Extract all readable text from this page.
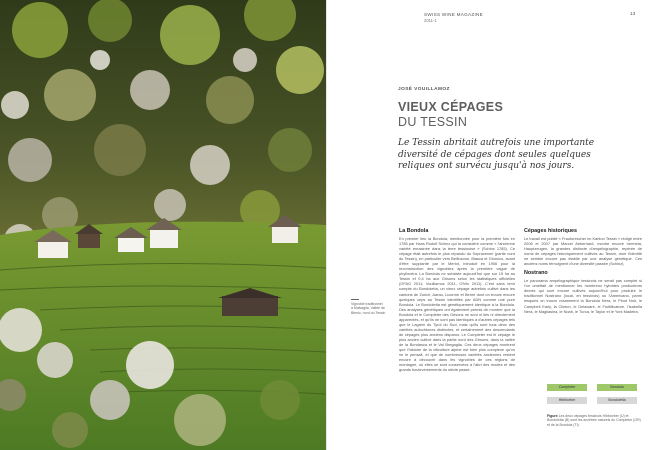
SWISS WINE MAGAZINE
2011-1
13
JOSÉ VOUILLAMOZ
VIEUX CÉPAGES
DU TESSIN
Le Tessin abritait autrefois une importante diversité de cépages dont seules quelques reliques ont survécu jusqu'à nos jours.
Vignoble traditionnel
à Malvaglia, Vallée de
Blenio, nord du Tessin
La Bondola

En premier lieu la Bondola, mentionnée pour la première fois en 1785 par Hans Rudolf Schinz qui la considère comme « l'ancienne variété enracinée dans la terre tessinoise » (Schinz 1785). Ce cépage était autrefois le plus répandu du Sopraceneri (partie nord du Tessin), en particulier vers Bellinzone, Biasca et Giornico, avant d'être supplanté par le Merlot, introduit en 1906 pour la reconstruction des vignobles après la première vague de phylloxéra. La Bondola ne subsiste aujourd'hui que sur 15 ha au Tessin et 0,4 ha aux Grisons selon les statistiques officielles (OFAG 2011; Vouillamoz 2011, OIVin 2011). C'est sans tenir compte du Bondoletta, un vieux cépage autrefois cultivé dans les cantons de Zurich, Aarau, Lucerne et Berne dont on trouve encore quelques ceps au Tessin identifiés par ADN comme une pure Bondola. Le Bondoletta est génétiquement identique à la Bondola. Des analyses génétiques ont également permis de montrer que la Bondola et le Completer des Grisons ne sont ni liés ni directement apparentés, et qu'ils ne sont pas identiques à d'autres cépages tels que le Lagrein du Tyrol du Sud, mais qu'ils sont tous deux des variétés autochtones distinctes, et certainement des descendants de cépages plus anciens disparus. Le Completer est le cépage le plus ancien cultivé dans la partie nord des Grisons, dans la vallée de la Bondasca et le Val Bregaglia. Ces deux cépages montrent que l'histoire de la viticulture alpine est bien plus complexe qu'on ne le pensait, et que de nombreuses variétés anciennes restent encore à découvrir dans les vignobles de ces régions de montagne, où elles se sont conservées à l'abri des modes et des grands bouleversements du siècle passé.

Cépages historiques

Le travail est publié « Frauforescher im Kanton Tessin » rédigé entre 2006 et 2007 par Marcel Aeberhard, montre encore hermeta, Hauptzeugen, la grandes distincte d'ampélographie, repérée de noms de cépages historiquement cultivés au Tessin, dont l'identité ne semble encore pas établie par une analyse génétique. Ces anciens noms témoignent d'une diversité passée (Schinz).

Nostrano

Le panorama ampélographique tessinois ne serait pas complet si l'on omettait de mentionner les nombreux hybrides producteurs directs qui sont encore cultivés aujourd'hui pour produire le traditionnel Nostrano (local, en tessinois) ou l'Americano, parmi lesquels on trouve notamment la Bondola Nera, le Pinot Noir, le Campbell Early, la Clinton, le Delaware, le Fruttificatore, l'Isabella Nera, le Magliasina, le Noah, le Turca, le Taylor et le York Madeira.

Completer	Bondola
Hibbiorber	Bondoletta
Figure Les deux cépages tessinois Hibbiorber (U) et Bondoletta (B) sont les ancêtres naturels du Completer (GR) et de la Bondola (TI).
